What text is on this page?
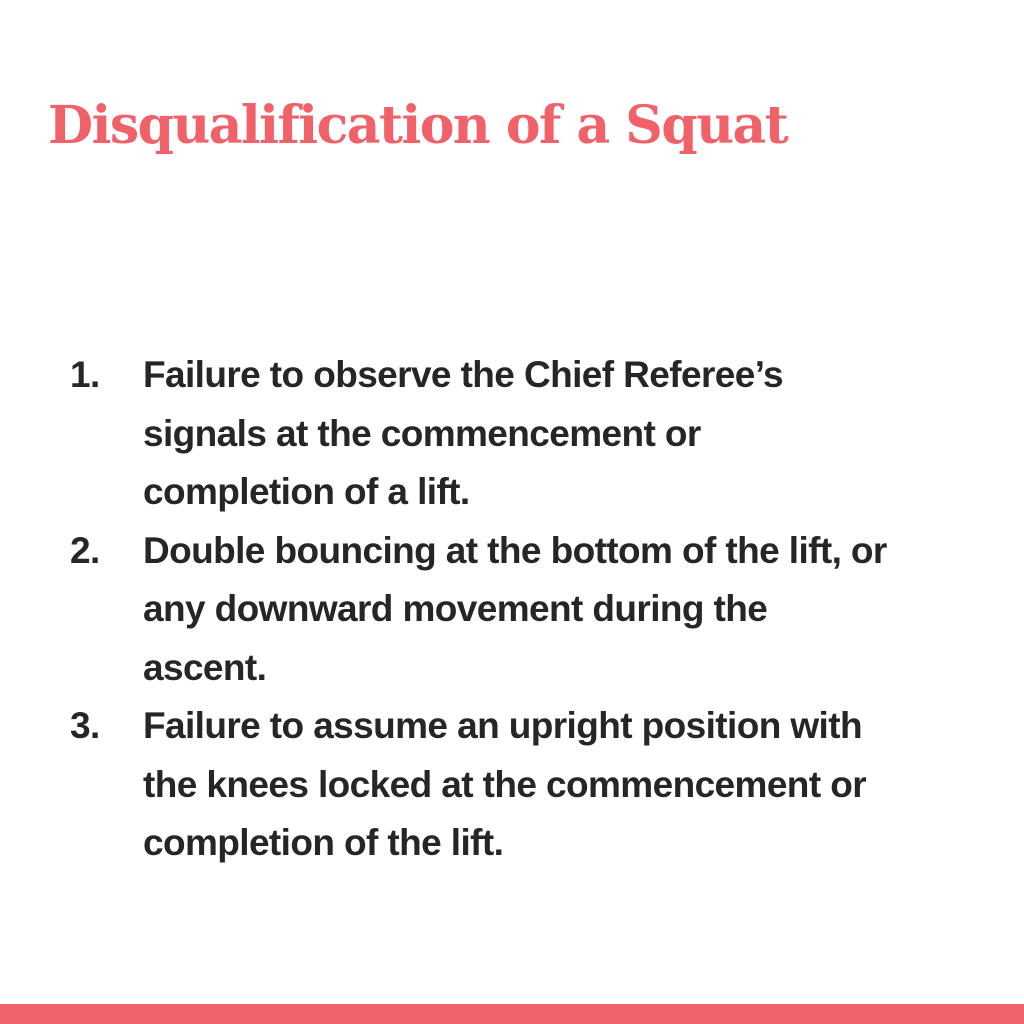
Disqualification of a Squat
1. Failure to observe the Chief Referee’s
signals at the commencement or
completion of a lift.
2. Double bouncing at the bottom of the lift, or
any downward movement during the
ascent.
3. Failure to assume an upright position with
the knees locked at the commencement or
completion of the lift.
